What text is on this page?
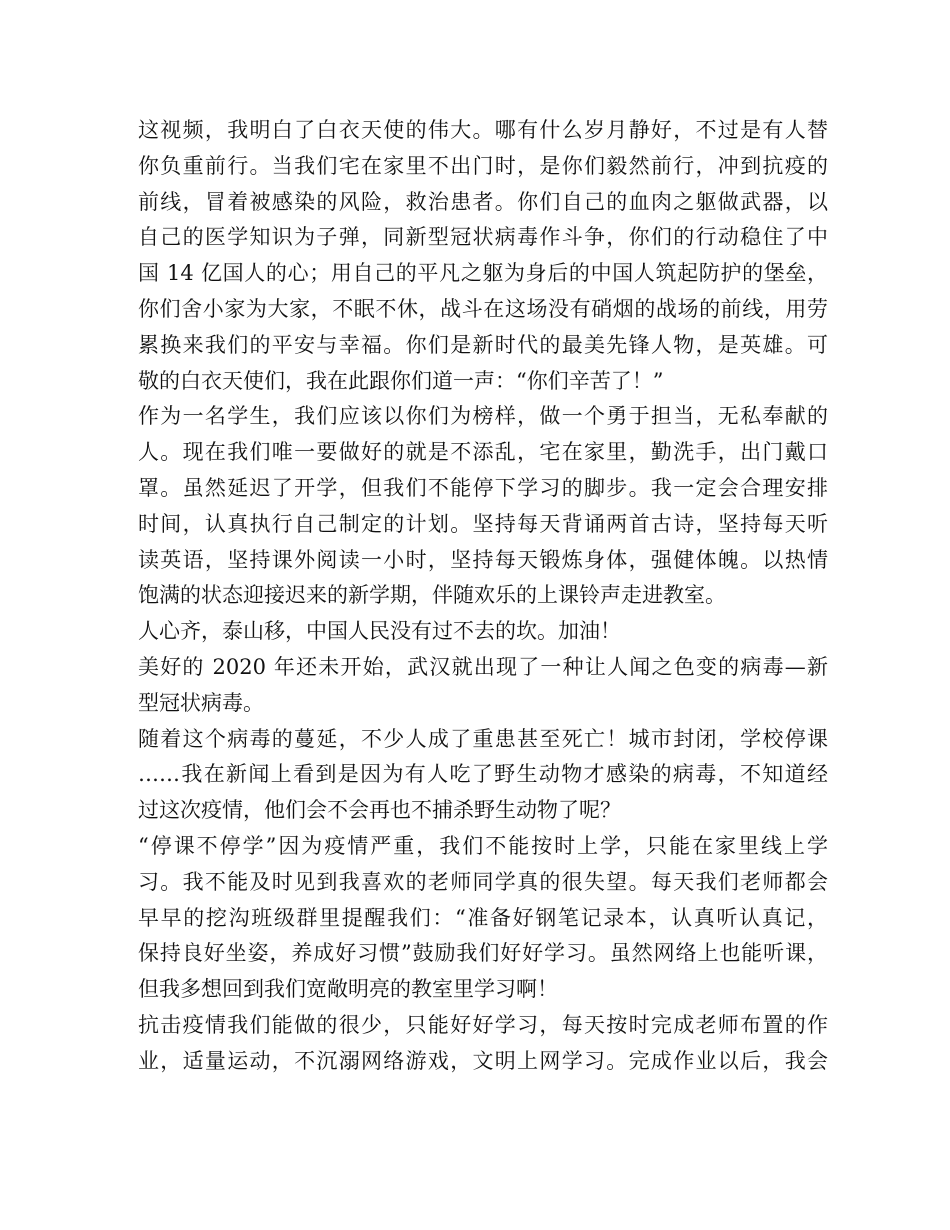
这视频，我明白了白衣天使的伟大。哪有什么岁月静好，不过是有人替
你负重前行。当我们宅在家里不出门时，是你们毅然前行，冲到抗疫的
前线，冒着被感染的风险，救治患者。你们自己的血肉之躯做武器，以
自己的医学知识为子弹，同新型冠状病毒作斗争，你们的行动稳住了中
国 14 亿国人的心；用自己的平凡之躯为身后的中国人筑起防护的堡垒，
你们舍小家为大家，不眠不休，战斗在这场没有硝烟的战场的前线，用劳
累换来我们的平安与幸福。你们是新时代的最美先锋人物，是英雄。可
敬的白衣天使们，我在此跟你们道一声：“你们辛苦了！”
作为一名学生，我们应该以你们为榜样，做一个勇于担当，无私奉献的
人。现在我们唯一要做好的就是不添乱，宅在家里，勤洗手，出门戴口
罩。虽然延迟了开学，但我们不能停下学习的脚步。我一定会合理安排
时间，认真执行自己制定的计划。坚持每天背诵两首古诗，坚持每天听
读英语，坚持课外阅读一小时，坚持每天锻炼身体，强健体魄。以热情
饱满的状态迎接迟来的新学期，伴随欢乐的上课铃声走进教室。
人心齐，泰山移，中国人民没有过不去的坎。加油！
美好的 2020 年还未开始，武汉就出现了一种让人闻之色变的病毒—新
型冠状病毒。
随着这个病毒的蔓延，不少人成了重患甚至死亡！城市封闭，学校停课
……我在新闻上看到是因为有人吃了野生动物才感染的病毒，不知道经
过这次疫情，他们会不会再也不捕杀野生动物了呢？
“停课不停学”因为疫情严重，我们不能按时上学，只能在家里线上学
习。我不能及时见到我喜欢的老师同学真的很失望。每天我们老师都会
早早的挖沟班级群里提醒我们：“准备好钢笔记录本，认真听认真记，
保持良好坐姿，养成好习惯”鼓励我们好好学习。虽然网络上也能听课，
但我多想回到我们宽敞明亮的教室里学习啊！
抗击疫情我们能做的很少，只能好好学习，每天按时完成老师布置的作
业，适量运动，不沉溺网络游戏，文明上网学习。完成作业以后，我会
